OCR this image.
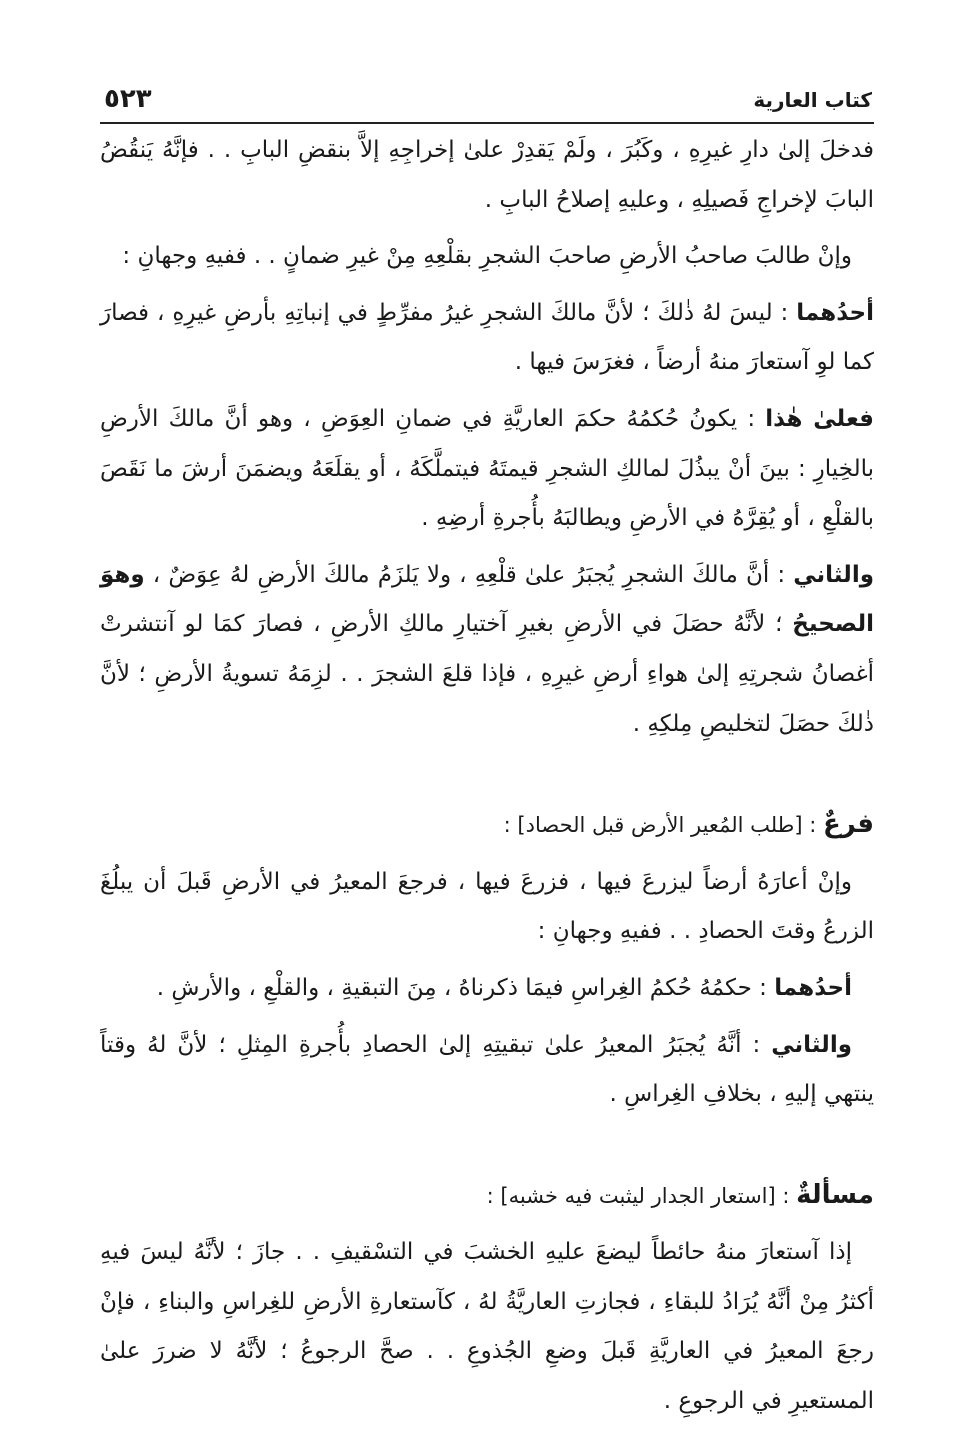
كتاب العارية
٥٢٣

فدخلَ إلىٰ دارِ غيرِهِ ، وكَبُرَ ، ولَمْ يَقدِرْ علىٰ إخراجِهِ إلاَّ بنقضِ البابِ . . فإنَّهُ يَنقُضُ البابَ لإخراجِ فَصيلِهِ ، وعليهِ إصلاحُ البابِ .

وإنْ طالبَ صاحبُ الأرضِ صاحبَ الشجرِ بقلْعِهِ مِنْ غيرِ ضمانٍ . . ففيهِ وجهانِ :

أحدُهما : ليسَ لهُ ذٰلكَ ؛ لأنَّ مالكَ الشجرِ غيرُ مفرِّطٍ في إنباتِهِ بأرضِ غيرِهِ ، فصارَ كما لوِ آستعارَ منهُ أرضاً ، فغرَسَ فيها .

فعلىٰ هٰذا : يكونُ حُكمُهُ حكمَ العاريَّةِ في ضمانِ العِوَضِ ، وهو أنَّ مالكَ الأرضِ بالخِيارِ : بينَ أنْ يبذُلَ لمالكِ الشجرِ قيمتَهُ فيتملَّكَهُ ، أو يقلَعَهُ ويضمَنَ أرشَ ما نَقَصَ بالقلْعِ ، أو يُقِرَّهُ في الأرضِ ويطالبَهُ بأُجرةِ أرضِهِ .

والثاني : أنَّ مالكَ الشجرِ يُجبَرُ علىٰ قلْعِهِ ، ولا يَلزَمُ مالكَ الأرضِ لهُ عِوَضٌ ، وهوَ الصحيحُ ؛ لأنَّهُ حصَلَ في الأرضِ بغيرِ آختيارِ مالكِ الأرضِ ، فصارَ كمَا لو آنتشرتْ أغصانُ شجرتِهِ إلىٰ هواءِ أرضِ غيرِهِ ، فإذا قلعَ الشجرَ . . لزِمَهُ تسويةُ الأرضِ ؛ لأنَّ ذٰلكَ حصَلَ لتخليصِ مِلكِهِ .

فرعٌ : [طلب المُعير الأرض قبل الحصاد] :

وإنْ أعارَهُ أرضاً ليزرعَ فيها ، فزرعَ فيها ، فرجعَ المعيرُ في الأرضِ قَبلَ أن يبلُغَ الزرعُ وقتَ الحصادِ . . ففيهِ وجهانِ :

أحدُهما : حكمُهُ حُكمُ الغِراسِ فيمَا ذكرناهُ ، مِنَ التبقيةِ ، والقلْعِ ، والأرشِ .

والثاني : أنَّهُ يُجبَرُ المعيرُ علىٰ تبقيتِهِ إلىٰ الحصادِ بأُجرةِ المِثلِ ؛ لأنَّ لهُ وقتاً ينتهي إليهِ ، بخلافِ الغِراسِ .

مسألةٌ : [استعار الجدار ليثبت فيه خشبه] :

إذا آستعارَ منهُ حائطاً ليضعَ عليهِ الخشبَ في التسْقيفِ . . جازَ ؛ لأنَّهُ ليسَ فيهِ أكثرُ مِنْ أنَّهُ يُرَادُ للبقاءِ ، فجازتِ العاريَّةُ لهُ ، كآستعارةِ الأرضِ للغِراسِ والبناءِ ، فإنْ رجعَ المعيرُ في العاريَّةِ قَبلَ وضعِ الجُذوعِ . . صحَّ الرجوعُ ؛ لأنَّهُ لا ضررَ علىٰ المستعيرِ في الرجوعِ .
